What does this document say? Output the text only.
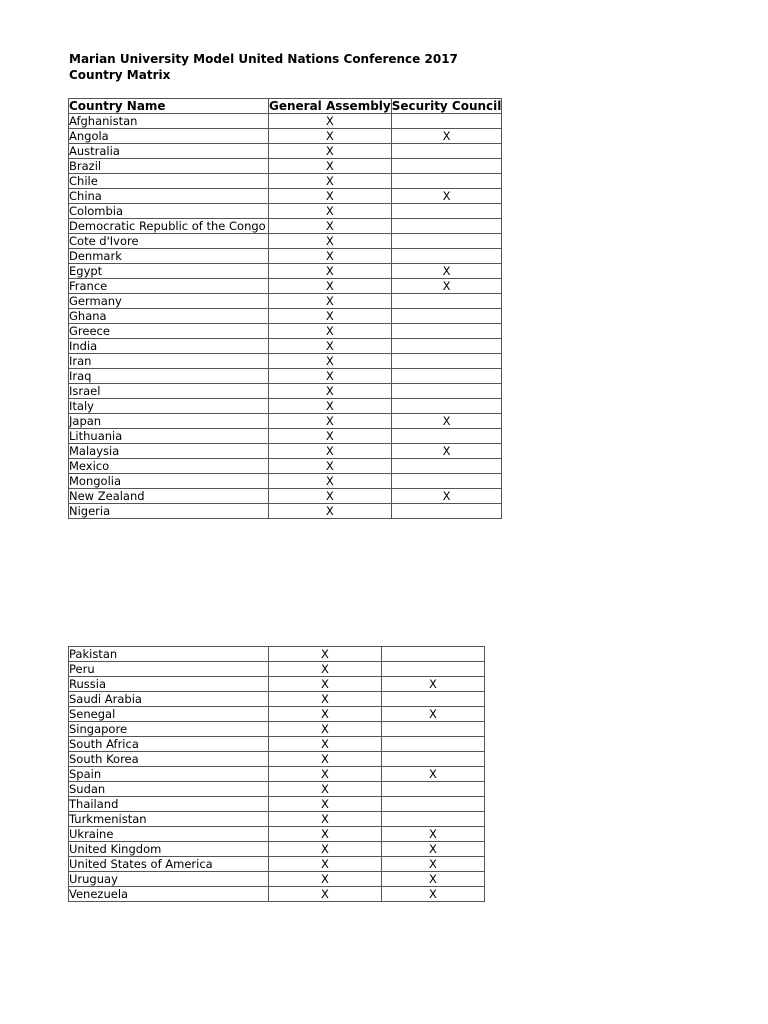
Marian University Model United Nations Conference 2017
Country Matrix
Country Name	General Assembly	Security Council
Afghanistan	X	
Angola	X	X
Australia	X	
Brazil	X	
Chile	X	
China	X	X
Colombia	X	
Democratic Republic of the Congo	X	
Cote d'Ivore	X	
Denmark	X	
Egypt	X	X
France	X	X
Germany	X	
Ghana	X	
Greece	X	
India	X	
Iran	X	
Iraq	X	
Israel	X	
Italy	X	
Japan	X	X
Lithuania	X	
Malaysia	X	X
Mexico	X	
Mongolia	X	
New Zealand	X	X
Nigeria	X	
Pakistan	X	
Peru	X	
Russia	X	X
Saudi Arabia	X	
Senegal	X	X
Singapore	X	
South Africa	X	
South Korea	X	
Spain	X	X
Sudan	X	
Thailand	X	
Turkmenistan	X	
Ukraine	X	X
United Kingdom	X	X
United States of America	X	X
Uruguay	X	X
Venezuela	X	X
